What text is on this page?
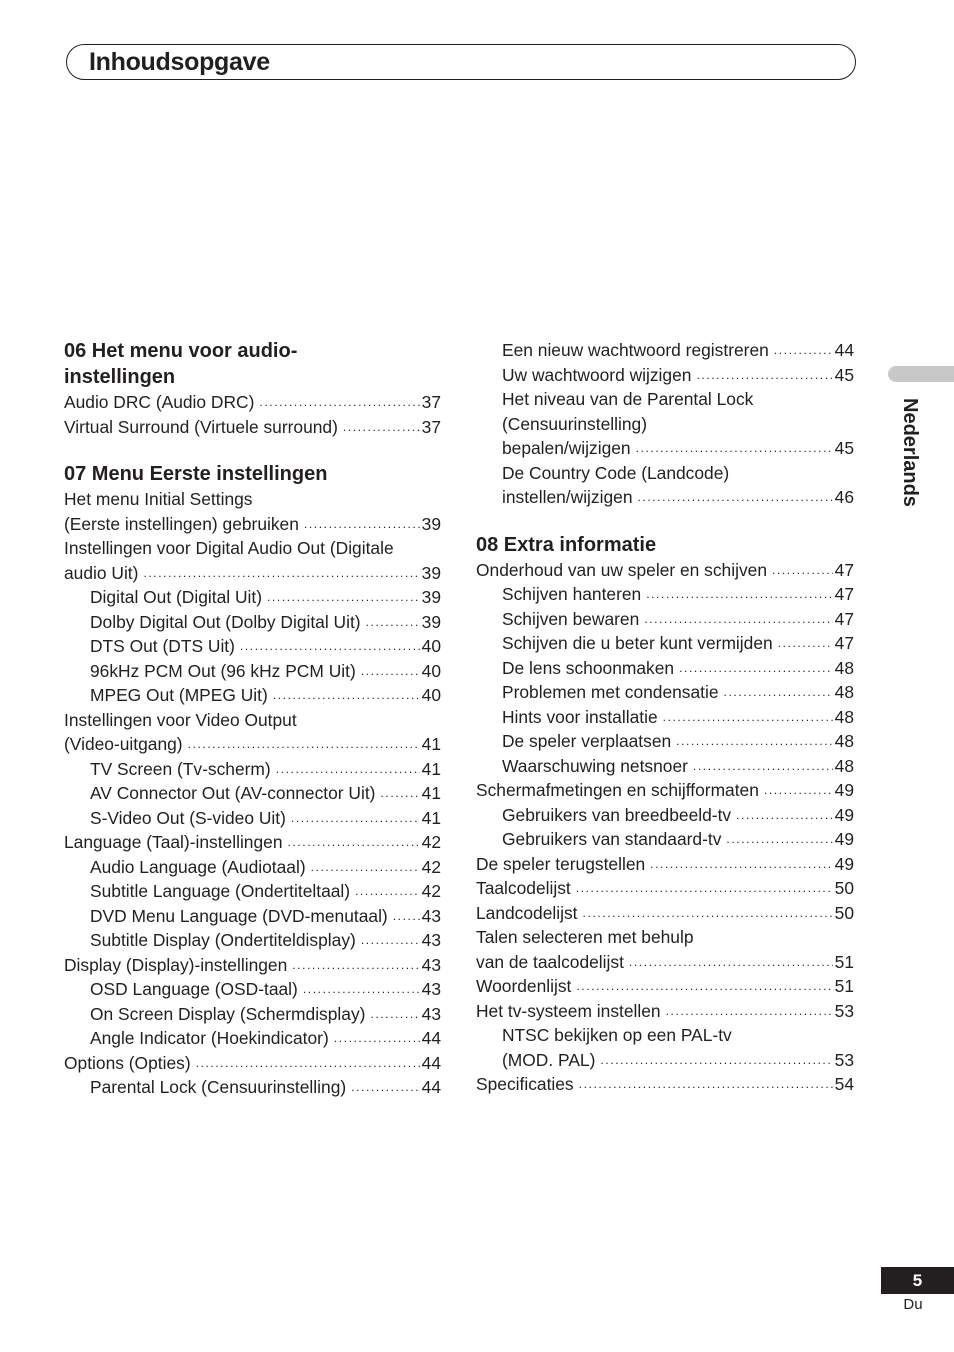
Inhoudsopgave
06 Het menu voor audio-
instellingen
Audio DRC (Audio DRC) .....	37
Virtual Surround (Virtuele surround) .....	37
07 Menu Eerste instellingen
Het menu Initial Settings
(Eerste instellingen) gebruiken .....	39
Instellingen voor Digital Audio Out (Digitale
audio Uit) .....	39
Digital Out (Digital Uit) .....	39
Dolby Digital Out (Dolby Digital Uit) .....	39
DTS Out (DTS Uit) .....	40
96kHz PCM Out (96 kHz PCM Uit) .....	40
MPEG Out (MPEG Uit) .....	40
Instellingen voor Video Output
(Video-uitgang) .....	41
TV Screen (Tv-scherm) .....	41
AV Connector Out (AV-connector Uit) .....	41
S-Video Out (S-video Uit) .....	41
Language (Taal)-instellingen .....	42
Audio Language (Audiotaal) .....	42
Subtitle Language (Ondertiteltaal) .....	42
DVD Menu Language (DVD-menutaal) ..... 43
Subtitle Display (Ondertiteldisplay) .....	43
Display (Display)-instellingen .....	43
OSD Language (OSD-taal) .....	43
On Screen Display (Schermdisplay) .....	43
Angle Indicator (Hoekindicator) .....	44
Options (Opties) .....	44
Parental Lock (Censuurinstelling) .....	44
Een nieuw wachtwoord registreren .....	44
Uw wachtwoord wijzigen .....	45
Het niveau van de Parental Lock
(Censuurinstelling)
bepalen/wijzigen .....	45
De Country Code (Landcode)
instellen/wijzigen .....	46
08 Extra informatie
Onderhoud van uw speler en schijven .....	47
Schijven hanteren .....	47
Schijven bewaren .....	47
Schijven die u beter kunt vermijden .....	47
De lens schoonmaken .....	48
Problemen met condensatie .....	48
Hints voor installatie .....	48
De speler verplaatsen .....	48
Waarschuwing netsnoer .....	48
Schermafmetingen en schijfformaten .....	49
Gebruikers van breedbeeld-tv .....	49
Gebruikers van standaard-tv .....	49
De speler terugstellen .....	49
Taalcodelijst .....	50
Landcodelijst .....	50
Talen selecteren met behulp
van de taalcodelijst .....	51
Woordenlijst .....	51
Het tv-systeem instellen .....	53
NTSC bekijken op een PAL-tv
(MOD. PAL) .....	53
Specificaties .....	54
Nederlands
5
Du
